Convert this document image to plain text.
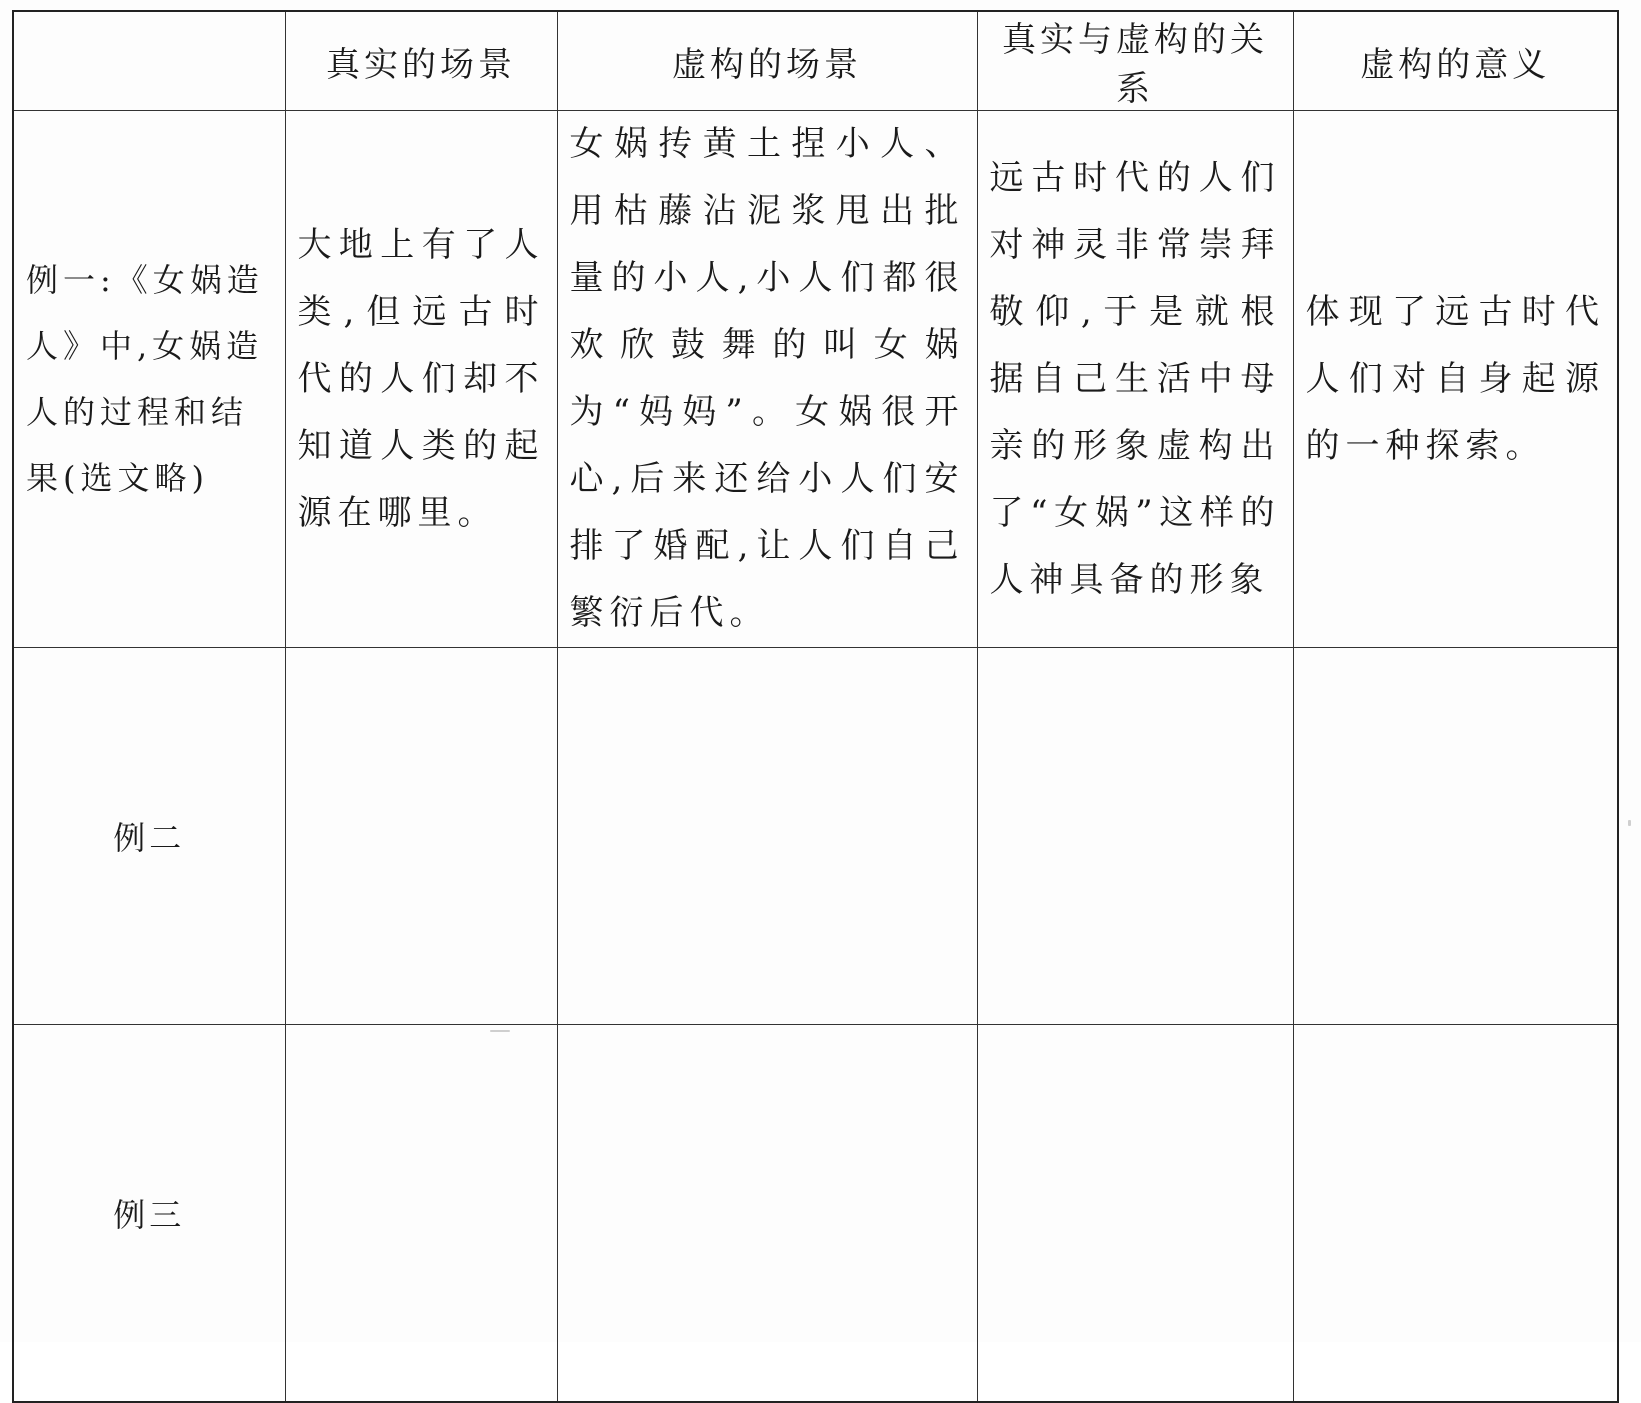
	真实的场景	虚构的场景	真实与虚构的关系	虚构的意义
例一:《女娲造人》中,女娲造人的过程和结果(选文略)	大地上有了人类,但远古时代的人们却不知道人类的起源在哪里。	女娲抟黄土捏小人、用枯藤沾泥浆甩出批量的小人,小人们都很欢欣鼓舞的叫女娲为“妈妈”。女娲很开心,后来还给小人们安排了婚配,让人们自己繁衍后代。	远古时代的人们对神灵非常崇拜敬仰,于是就根据自己生活中母亲的形象虚构出了“女娲”这样的人神具备的形象	体现了远古时代人们对自身起源的一种探索。
例二				
例三				
